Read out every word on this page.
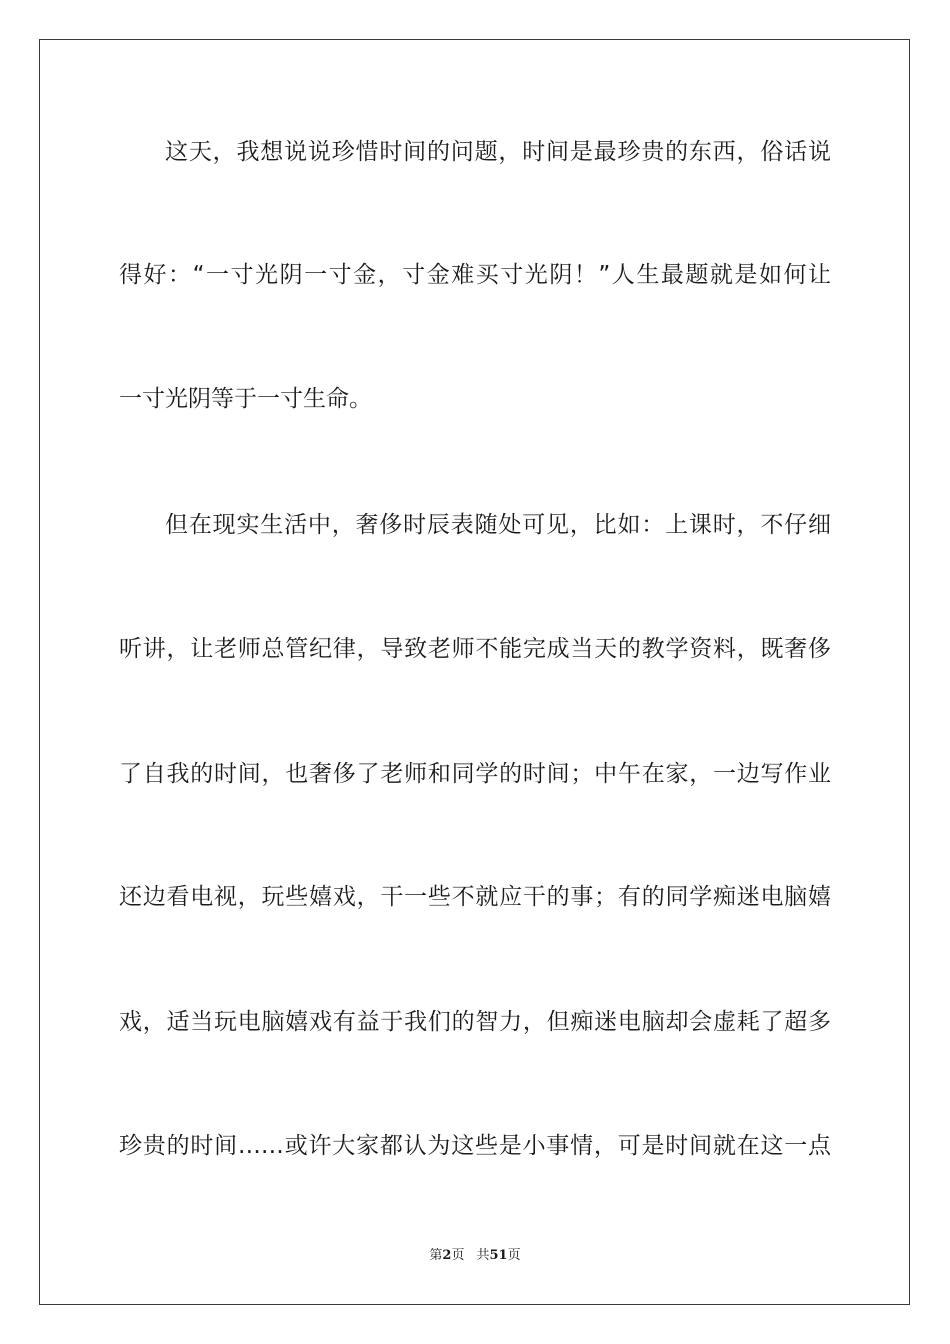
这天，我想说说珍惜时间的问题，时间是最珍贵的东西，俗话说
得好：“一寸光阴一寸金，寸金难买寸光阴！”人生最题就是如何让
一寸光阴等于一寸生命。
但在现实生活中，奢侈时辰表随处可见，比如：上课时，不仔细
听讲，让老师总管纪律，导致老师不能完成当天的教学资料，既奢侈
了自我的时间，也奢侈了老师和同学的时间；中午在家，一边写作业
还边看电视，玩些嬉戏，干一些不就应干的事；有的同学痴迷电脑嬉
戏，适当玩电脑嬉戏有益于我们的智力，但痴迷电脑却会虚耗了超多
珍贵的时间……或许大家都认为这些是小事情，可是时间就在这一点
第2页 共51页
